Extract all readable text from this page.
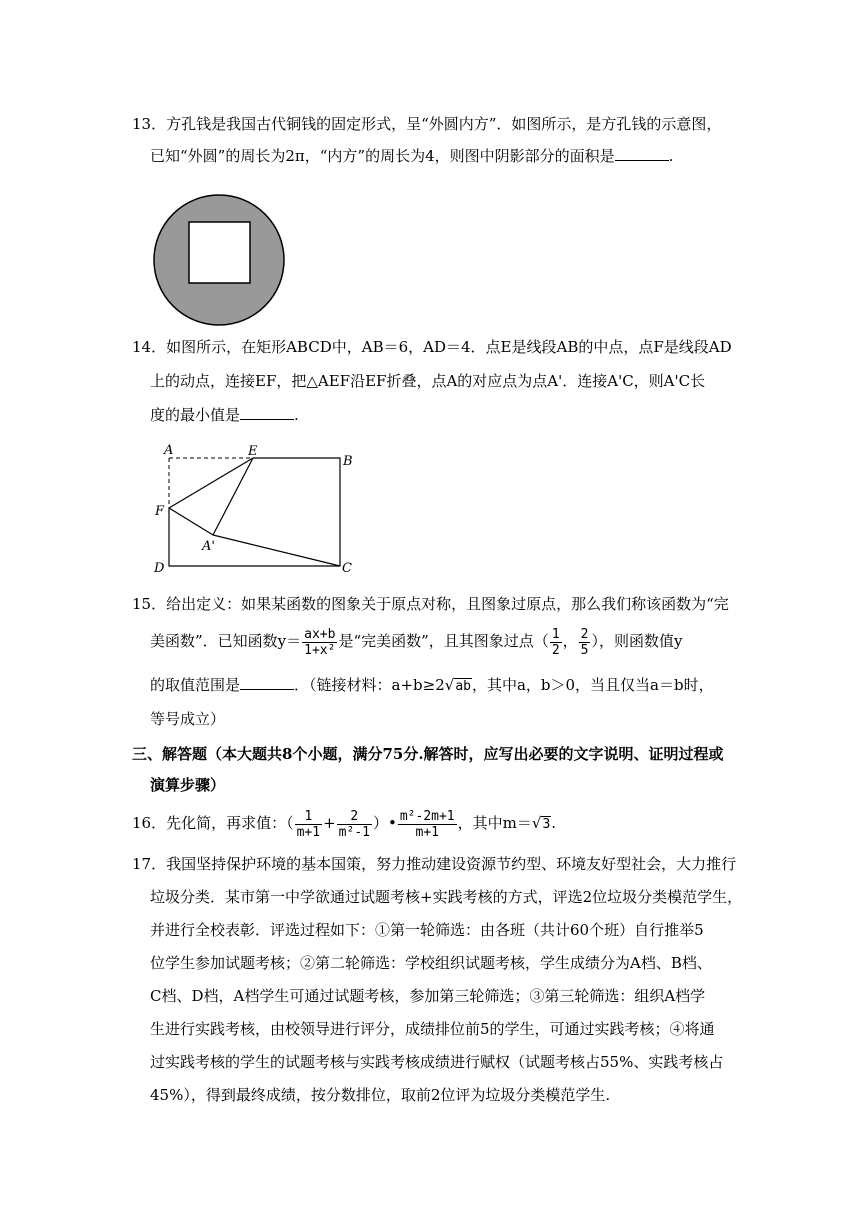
13．方孔钱是我国古代铜钱的固定形式，呈“外圆内方”．如图所示，是方孔钱的示意图，
已知“外圆”的周长为2π，“内方”的周长为4，则图中阴影部分的面积是	.
14．如图所示，在矩形ABCD中，AB＝6，AD＝4．点E是线段AB的中点，点F是线段AD
上的动点，连接EF，把△AEF沿EF折叠，点A的对应点为点A'．连接A'C，则A'C长
度的最小值是	.
A	E
B
F
A'
D	C
15．给出定义：如果某函数的图象关于原点对称，且图象过原点，那么我们称该函数为“完
美函数”．已知函数$y= \frac{ax+b}{\text{1+x²}}$ 是“完美函数”，且其图象过点（ $\frac{1}{2}$ ， $\frac{2}{5}$ ），则函数值y
的取值范围是	．（链接材料：a+b≥2√ab，其中a，b＞0，当且仅当a＝b时，
等号成立）
三、解答题（本大题共8个小题，满分75分.解答时，应写出必要的文字说明、证明过程或
演算步骤）
16．先化简，再求值：（ $\frac{1}{m+1} + \frac{2}{\text{m²-1}}$ ）• $\frac{\text{m²-2m+1}}{m+1}$ ，其中m＝√3.
17．我国坚持保护环境的基本国策，努力推动建设资源节约型、环境友好型社会，大力推行
垃圾分类．某市第一中学欲通过试题考核+实践考核的方式，评选2位垃圾分类模范学生，
并进行全校表彰．评选过程如下：①第一轮筛选：由各班（共计60个班）自行推举5
位学生参加试题考核；②第二轮筛选：学校组织试题考核，学生成绩分为A档、B档、
C档、D档，A档学生可通过试题考核，参加第三轮筛选；③第三轮筛选：组织A档学
生进行实践考核，由校领导进行评分，成绩排位前5的学生，可通过实践考核；④将通
过实践考核的学生的试题考核与实践考核成绩进行赋权（试题考核占55%、实践考核占
45%），得到最终成绩，按分数排位，取前2位评为垃圾分类模范学生.
